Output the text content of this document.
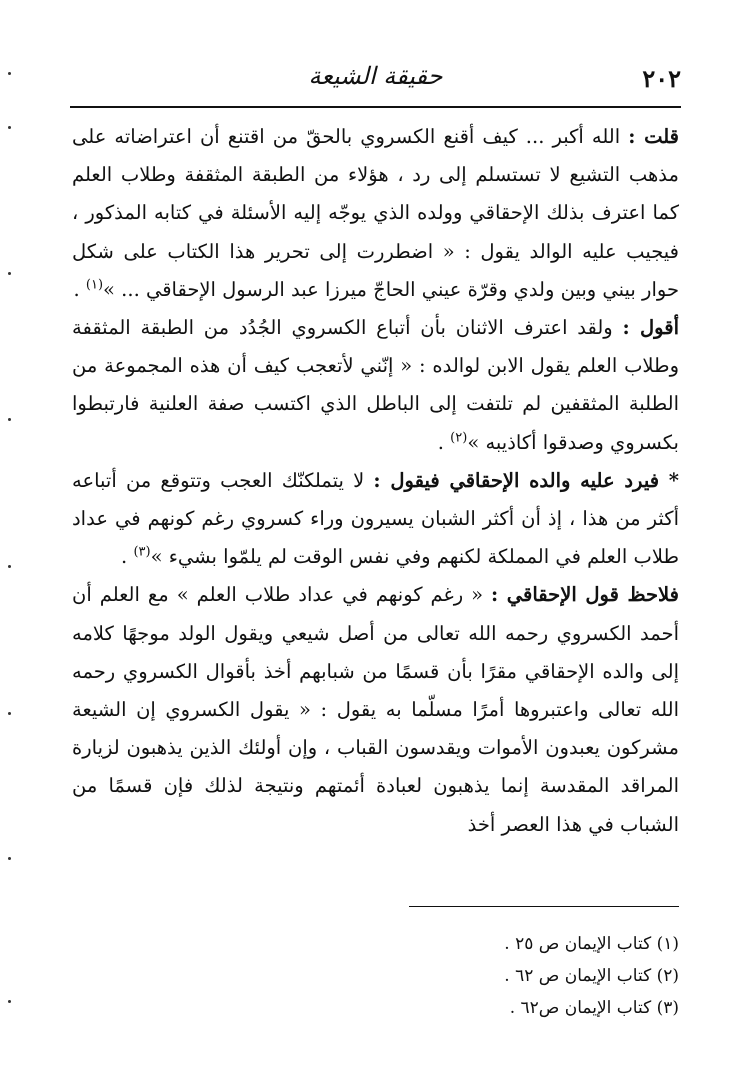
٢٠٢
حقيقة الشيعة

قلت : الله أكبر ... كيف أقنع الكسروي بالحقّ من اقتنع أن اعتراضاته على مذهب التشيع لا تستسلم إلى رد ، هؤلاء من الطبقة المثقفة وطلاب العلم كما اعترف بذلك الإحقاقي وولده الذي يوجّه إليه الأسئلة في كتابه المذكور ، فيجيب عليه الوالد يقول : « اضطررت إلى تحرير هذا الكتاب على شكل حوار بيني وبين ولدي وقرّة عيني الحاجّ ميرزا عبد الرسول الإحقاقي ... »$^{(١)}$ .

أقول : ولقد اعترف الاثنان بأن أتباع الكسروي الجُدُد من الطبقة المثقفة وطلاب العلم يقول الابن لوالده : « إنّني لأتعجب كيف أن هذه المجموعة من الطلبة المثقفين لم تلتفت إلى الباطل الذي اكتسب صفة العلنية فارتبطوا بكسروي وصدقوا أكاذيبه »$^{(٢)}$ .

* فيرد عليه والده الإحقاقي فيقول : لا يتملكنّك العجب وتتوقع من أتباعه أكثر من هذا ، إذ أن أكثر الشبان يسيرون وراء كسروي رغم كونهم في عداد طلاب العلم في المملكة لكنهم وفي نفس الوقت لم يلمّوا بشيء »$^{(٣)}$ .

فلاحظ قول الإحقاقي : « رغم كونهم في عداد طلاب العلم » مع العلم أن أحمد الكسروي رحمه الله تعالى من أصل شيعي ويقول الولد موجهًا كلامه إلى والده الإحقاقي مقرًا بأن قسمًا من شبابهم أخذ بأقوال الكسروي رحمه الله تعالى واعتبروها أمرًا مسلّما به يقول : « يقول الكسروي إن الشيعة مشركون يعبدون الأموات ويقدسون القباب ، وإن أولئك الذين يذهبون لزيارة المراقد المقدسة إنما يذهبون لعبادة أئمتهم ونتيجة لذلك فإن قسمًا من الشباب في هذا العصر أخذ

(١) كتاب الإيمان ص ٢٥ .
(٢) كتاب الإيمان ص ٦٢ .
(٣) كتاب الإيمان ص٦٢ .
